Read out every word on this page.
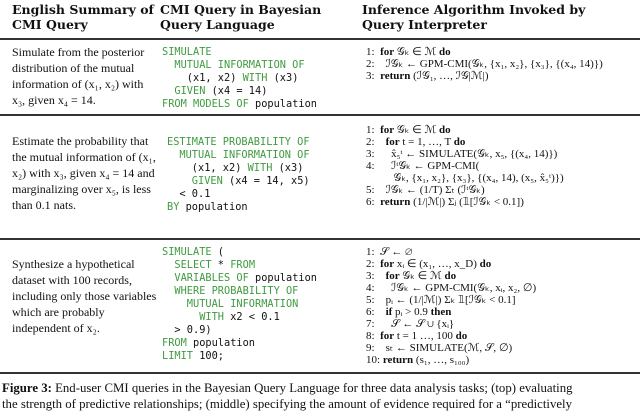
English Summary of
CMI Query
CMI Query in Bayesian
Query Language
Inference Algorithm Invoked by
Query Interpreter
Simulate from the posterior distribution of the mutual information of (x₁, x₂) with x₃, given x₄ = 14.
SIMULATE
MUTUAL INFORMATION OF
(x1, x2) WITH (x3)
GIVEN (x4 = 14)
FROM MODELS OF population
1: for 𝒢ₖ ∈ ℳ do
2: ℐ𝒢ₖ ← GPM-CMI(𝒢ₖ, {x₁, x₂}, {x₃}, {(x₄, 14)})
3: return (ℐ𝒢₁, …, ℐ𝒢|ℳ|)
Estimate the probability that the mutual information of (x₁, x₂) with x₃, given x₄ = 14 and marginalizing over x₅, is less than 0.1 nats.
ESTIMATE PROBABILITY OF
MUTUAL INFORMATION OF
(x1, x2) WITH (x3)
GIVEN (x4 = 14, x5)
< 0.1
BY population
1: for 𝒢ₖ ∈ ℳ do
2: for t = 1, …, T do
3: x̂₅ᵗ ← SIMULATE(𝒢ₖ, x₅, {(x₄, 14)})
4: ℐᵗ𝒢ₖ ← GPM-CMI(
𝒢ₖ, {x₁, x₂}, {x₃}, {(x₄, 14), (x₅, x̂₅ᵗ)})
5: ℐ𝒢ₖ ← (1/T) Σₜ (ℐᵗ𝒢ₖ)
6: return (1/|ℳ|) Σⱼ (𝟙[ℐ𝒢ₖ < 0.1])
Synthesize a hypothetical dataset with 100 records, including only those variables which are probably independent of x₂.
SIMULATE (
SELECT * FROM
VARIABLES OF population
WHERE PROBABILITY OF
MUTUAL INFORMATION
WITH x2 < 0.1
> 0.9)
FROM population
LIMIT 100;
1: 𝒮 ← ∅
2: for xᵢ ∈ (x₁, …, x_D) do
3: for 𝒢ₖ ∈ ℳ do
4: ℐ𝒢ₖ ← GPM-CMI(𝒢ₖ, xᵢ, x₂, ∅)
5: pᵢ ← (1/|ℳ|) Σₖ 𝟙[ℐ𝒢ₖ < 0.1]
6: if pᵢ > 0.9 then
7: 𝒮 ← 𝒮 ∪ {xᵢ}
8: for t = 1 …, 100 do
9: sₜ ← SIMULATE(ℳ, 𝒮, ∅)
10: return (s₁, …, s₁₀₀)
Figure 3: End-user CMI queries in the Bayesian Query Language for three data analysis tasks; (top) evaluating
the strength of predictive relationships; (middle) specifying the amount of evidence required for a “predictively
